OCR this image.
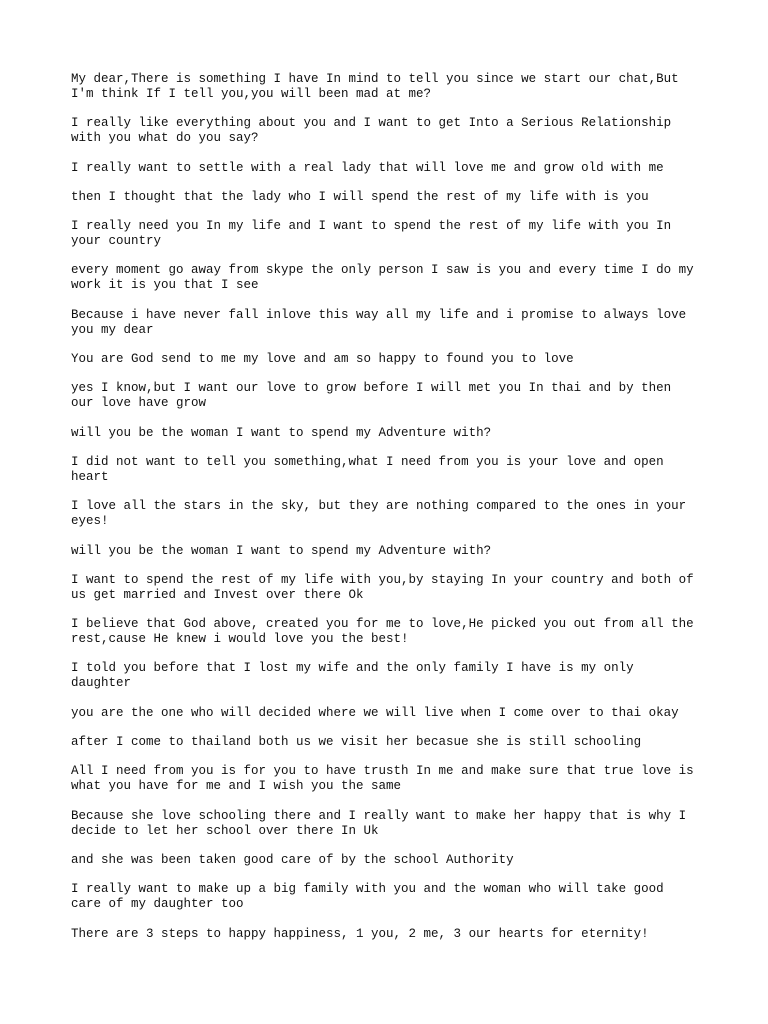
My dear,There is something I have In mind to tell you since we start our chat,But
I'm think If I tell you,you will been mad at me?

I really like everything about you and I want to get Into a Serious Relationship
with you what do you say?

I really want to settle with a real lady that will love me and grow old with me

then I thought that the lady who I will spend the rest of my life with is you

I really need you In my life and I want to spend the rest of my life with you In
your country

every moment go away from skype the only person I saw is you and every time I do my
work it is you that I see

Because i have never fall inlove this way all my life and i promise to always love
you my dear

You are God send to me my love and am so happy to found you to love

yes I know,but I want our love to grow before I will met you In thai and by then
our love have grow

will you be the woman I want to spend my Adventure with?

I did not want to tell you something,what I need from you is your love and open
heart

I love all the stars in the sky, but they are nothing compared to the ones in your
eyes!

will you be the woman I want to spend my Adventure with?

I want to spend the rest of my life with you,by staying In your country and both of
us get married and Invest over there Ok

I believe that God above, created you for me to love,He picked you out from all the
rest,cause He knew i would love you the best!

I told you before that I lost my wife and the only family I have is my only
daughter

you are the one who will decided where we will live when I come over to thai okay

after I come to thailand both us we visit her becasue she is still schooling

All I need from you is for you to have trusth In me and make sure that true love is
what you have for me and I wish you the same

Because she love schooling there and I really want to make her happy that is why I
decide to let her school over there In Uk

and she was been taken good care of by the school Authority

I really want to make up a big family with you and the woman who will take good
care of my daughter too

There are 3 steps to happy happiness, 1 you, 2 me, 3 our hearts for eternity!
